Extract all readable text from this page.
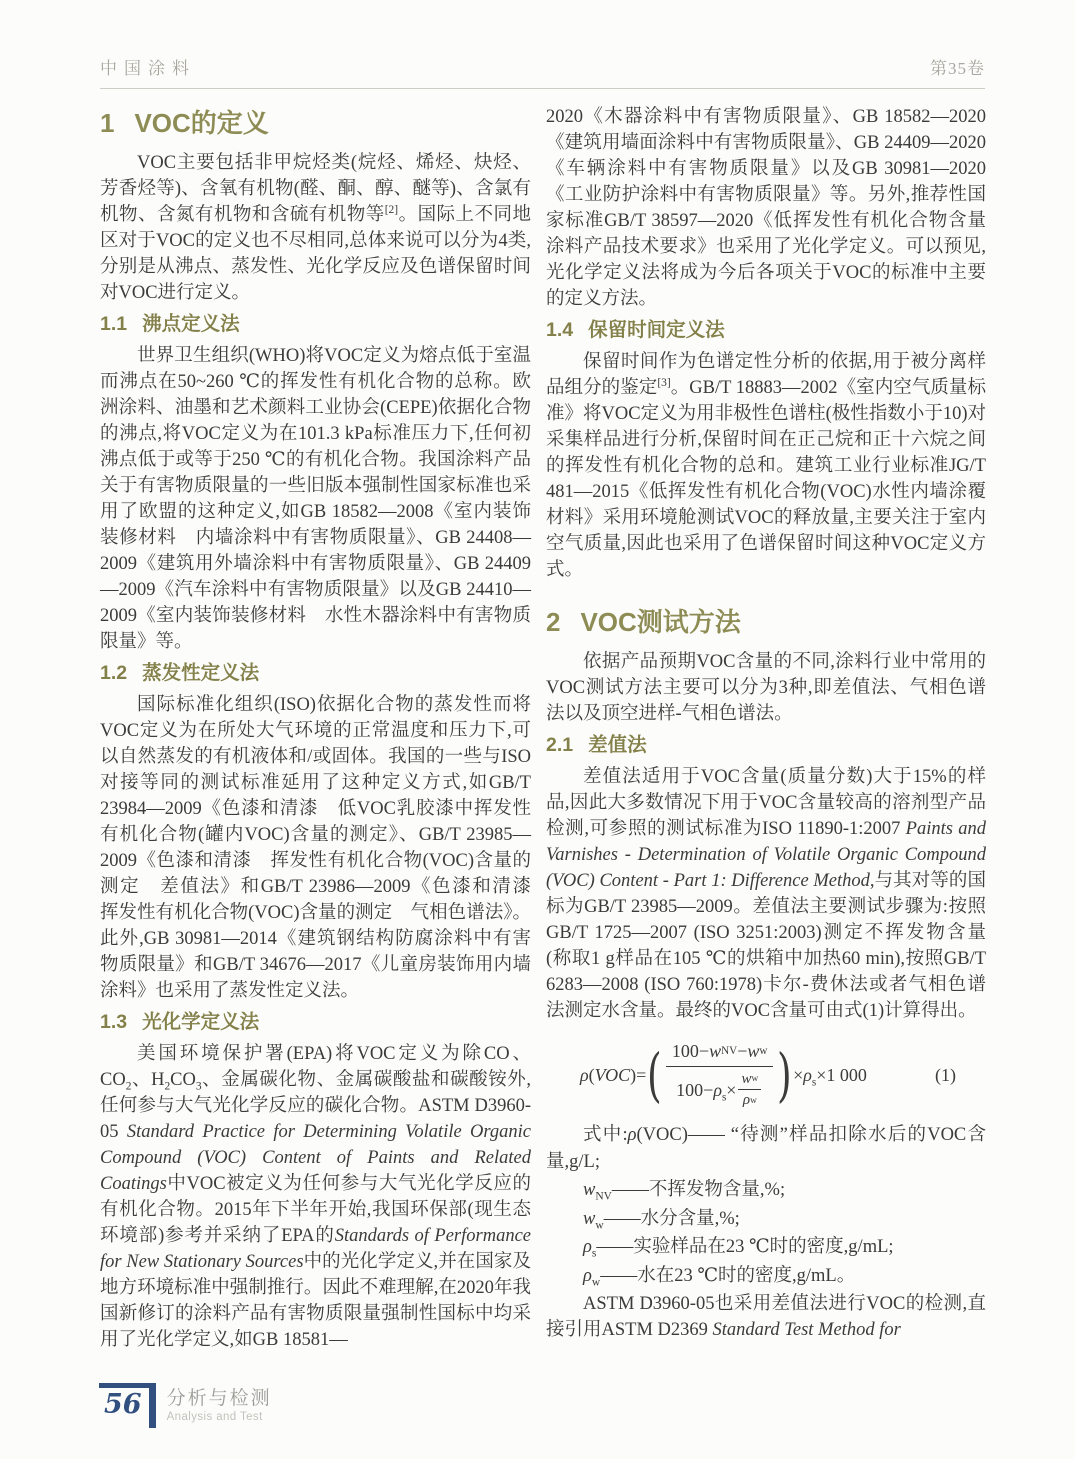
中国涂料	第35卷
1 VOC的定义

VOC主要包括非甲烷烃类(烷烃、烯烃、炔烃、芳香烃等)、含氧有机物(醛、酮、醇、醚等)、含氯有机物、含氮有机物和含硫有机物等[2]。国际上不同地区对于VOC的定义也不尽相同,总体来说可以分为4类,分别是从沸点、蒸发性、光化学反应及色谱保留时间对VOC进行定义。

1.1 沸点定义法

世界卫生组织(WHO)将VOC定义为熔点低于室温而沸点在50~260 ℃的挥发性有机化合物的总称。欧洲涂料、油墨和艺术颜料工业协会(CEPE)依据化合物的沸点,将VOC定义为在101.3 kPa标准压力下,任何初沸点低于或等于250 ℃的有机化合物。我国涂料产品关于有害物质限量的一些旧版本强制性国家标准也采用了欧盟的这种定义,如GB 18582—2008《室内装饰装修材料　内墙涂料中有害物质限量》、GB 24408—2009《建筑用外墙涂料中有害物质限量》、GB 24409—2009《汽车涂料中有害物质限量》以及GB 24410—2009《室内装饰装修材料　水性木器涂料中有害物质限量》等。

1.2 蒸发性定义法

国际标准化组织(ISO)依据化合物的蒸发性而将VOC定义为在所处大气环境的正常温度和压力下,可以自然蒸发的有机液体和/或固体。我国的一些与ISO对接等同的测试标准延用了这种定义方式,如GB/T 23984—2009《色漆和清漆　低VOC乳胶漆中挥发性有机化合物(罐内VOC)含量的测定》、GB/T 23985—2009《色漆和清漆　挥发性有机化合物(VOC)含量的测定　差值法》和GB/T 23986—2009《色漆和清漆　挥发性有机化合物(VOC)含量的测定　气相色谱法》。此外,GB 30981—2014《建筑钢结构防腐涂料中有害物质限量》和GB/T 34676—2017《儿童房装饰用内墙涂料》也采用了蒸发性定义法。

1.3 光化学定义法

美国环境保护署(EPA)将VOC定义为除CO、$CO_2$、$H_2CO_3$、金属碳化物、金属碳酸盐和碳酸铵外,任何参与大气光化学反应的碳化合物。ASTM D3960-05 Standard Practice for Determining Volatile Organic Compound (VOC) Content of Paints and Related Coatings中VOC被定义为任何参与大气光化学反应的有机化合物。2015年下半年开始,我国环保部(现生态环境部)参考并采纳了EPA的Standards of Performance for New Stationary Sources中的光化学定义,并在国家及地方环境标准中强制推行。因此不难理解,在2020年我国新修订的涂料产品有害物质限量强制性国标中均采用了光化学定义,如GB 18581—

2020《木器涂料中有害物质限量》、GB 18582—2020《建筑用墙面涂料中有害物质限量》、GB 24409—2020《车辆涂料中有害物质限量》以及GB 30981—2020《工业防护涂料中有害物质限量》等。另外,推荐性国家标准GB/T 38597—2020《低挥发性有机化合物含量涂料产品技术要求》也采用了光化学定义。可以预见,光化学定义法将成为今后各项关于VOC的标准中主要的定义方法。

1.4 保留时间定义法

保留时间作为色谱定性分析的依据,用于被分离样品组分的鉴定[3]。GB/T 18883—2002《室内空气质量标准》将VOC定义为用非极性色谱柱(极性指数小于10)对采集样品进行分析,保留时间在正己烷和正十六烷之间的挥发性有机化合物的总和。建筑工业行业标准JG/T 481—2015《低挥发性有机化合物(VOC)水性内墙涂覆材料》采用环境舱测试VOC的释放量,主要关注于室内空气质量,因此也采用了色谱保留时间这种VOC定义方式。

2 VOC测试方法

依据产品预期VOC含量的不同,涂料行业中常用的VOC测试方法主要可以分为3种,即差值法、气相色谱法以及顶空进样-气相色谱法。

2.1 差值法

差值法适用于VOC含量(质量分数)大于15%的样品,因此大多数情况下用于VOC含量较高的溶剂型产品检测,可参照的测试标准为ISO 11890-1:2007 Paints and Varnishes - Determination of Volatile Organic Compound (VOC) Content - Part 1: Difference Method,与其对等的国标为GB/T 23985—2009。差值法主要测试步骤为:按照GB/T 1725—2007 (ISO 3251:2003)测定不挥发物含量(称取1 g样品在105 ℃的烘箱中加热60 min),按照GB/T 6283—2008 (ISO 760:1978)卡尔-费休法或者气相色谱法测定水含量。最终的VOC含量可由式(1)计算得出。

ρ(VOC)= ( $\frac{\text{100− w NV − w w}}{100-\rho_s\times \frac{\text{w w}}{\text{ρ w}}}$ ) $\times\rho_s\times 1$ 000	(1)

式中:ρ(VOC)—— “待测”样品扣除水后的VOC含量,g/L;

$w_{NV}——$不挥发物含量,%;

$w_w——$水分含量,%;

$\rho_s——$实验样品在23 ℃时的密度,g/mL;

$\rho_w——$水在23 ℃时的密度,g/mL。

ASTM D3960-05也采用差值法进行VOC的检测,直接引用ASTM D2369 Standard Test Method for

56	分析与检测
Analysis and Test
